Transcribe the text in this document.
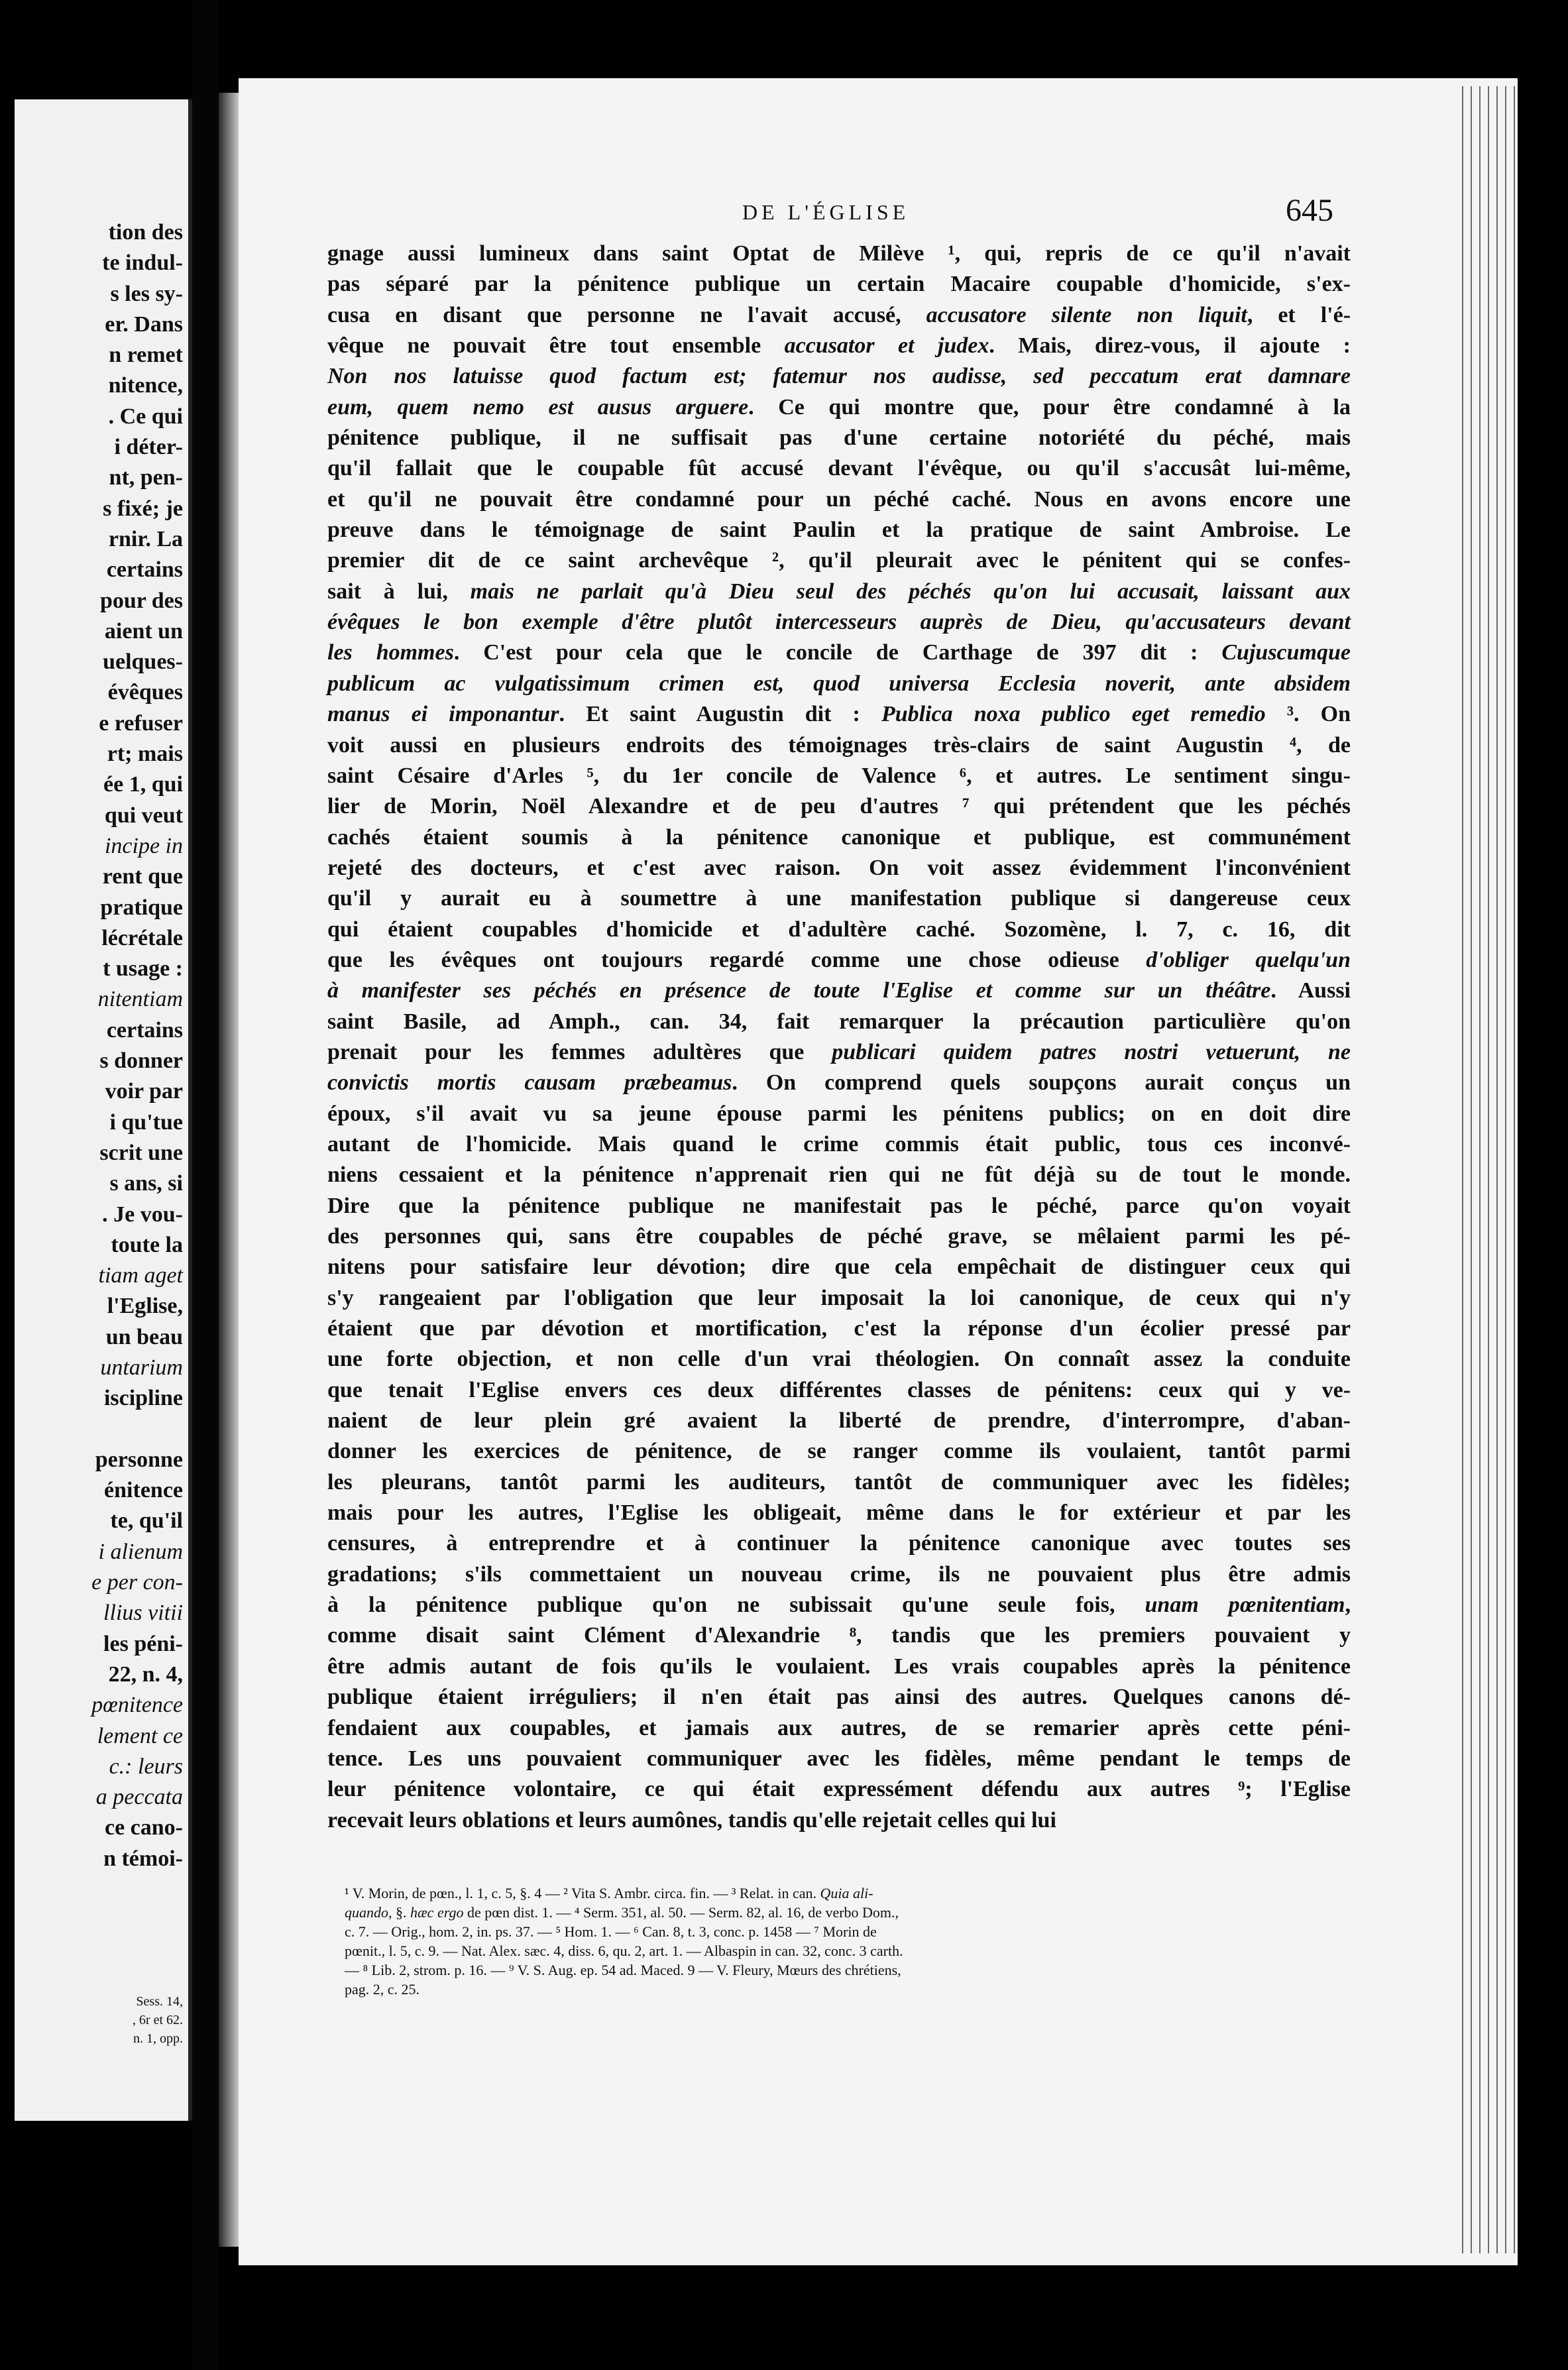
tion des
te indul-
s les sy-
er. Dans
n remet
nitence,
. Ce qui
i déter-
nt, pen-
s fixé; je
rnir. La
certains
pour des
aient un
uelques-
évêques
e refuser
rt; mais
ée 1, qui
qui veut
incipe in
rent que
pratique
lécrétale
t usage :
nitentiam
certains
s donner
voir par
i qu'tue
scrit une
s ans, si
. Je vou-
toute la
tiam aget
l'Eglise,
un beau
untarium
iscipline

personne
énitence
te, qu'il
i alienum
e per con-
llius vitii
les péni-
22, n. 4,
pœnitence
lement ce
c.: leurs
a peccata
ce cano-
n témoi-
Sess. 14,
, 6r et 62.
n. 1, opp.
DE L'ÉGLISE	645
gnage aussi lumineux dans saint Optat de Milève ¹, qui, repris de ce qu'il n'avait
pas séparé par la pénitence publique un certain Macaire coupable d'homicide, s'ex-
cusa en disant que personne ne l'avait accusé, accusatore silente non liquit, et l'é-
vêque ne pouvait être tout ensemble accusator et judex. Mais, direz-vous, il ajoute :
Non nos latuisse quod factum est; fatemur nos audisse, sed peccatum erat damnare
eum, quem nemo est ausus arguere. Ce qui montre que, pour être condamné à la
pénitence publique, il ne suffisait pas d'une certaine notoriété du péché, mais
qu'il fallait que le coupable fût accusé devant l'évêque, ou qu'il s'accusât lui-même,
et qu'il ne pouvait être condamné pour un péché caché. Nous en avons encore une
preuve dans le témoignage de saint Paulin et la pratique de saint Ambroise. Le
premier dit de ce saint archevêque ², qu'il pleurait avec le pénitent qui se confes-
sait à lui, mais ne parlait qu'à Dieu seul des péchés qu'on lui accusait, laissant aux
évêques le bon exemple d'être plutôt intercesseurs auprès de Dieu, qu'accusateurs devant
les hommes. C'est pour cela que le concile de Carthage de 397 dit : Cujuscumque
publicum ac vulgatissimum crimen est, quod universa Ecclesia noverit, ante absidem
manus ei imponantur. Et saint Augustin dit : Publica noxa publico eget remedio ³. On
voit aussi en plusieurs endroits des témoignages très-clairs de saint Augustin ⁴, de
saint Césaire d'Arles ⁵, du 1er concile de Valence ⁶, et autres. Le sentiment singu-
lier de Morin, Noël Alexandre et de peu d'autres ⁷ qui prétendent que les péchés
cachés étaient soumis à la pénitence canonique et publique, est communément
rejeté des docteurs, et c'est avec raison. On voit assez évidemment l'inconvénient
qu'il y aurait eu à soumettre à une manifestation publique si dangereuse ceux
qui étaient coupables d'homicide et d'adultère caché. Sozomène, l. 7, c. 16, dit
que les évêques ont toujours regardé comme une chose odieuse d'obliger quelqu'un
à manifester ses péchés en présence de toute l'Eglise et comme sur un théâtre. Aussi
saint Basile, ad Amph., can. 34, fait remarquer la précaution particulière qu'on
prenait pour les femmes adultères que publicari quidem patres nostri vetuerunt, ne
convictis mortis causam præbeamus. On comprend quels soupçons aurait conçus un
époux, s'il avait vu sa jeune épouse parmi les pénitens publics; on en doit dire
autant de l'homicide. Mais quand le crime commis était public, tous ces inconvé-
niens cessaient et la pénitence n'apprenait rien qui ne fût déjà su de tout le monde.
Dire que la pénitence publique ne manifestait pas le péché, parce qu'on voyait
des personnes qui, sans être coupables de péché grave, se mêlaient parmi les pé-
nitens pour satisfaire leur dévotion; dire que cela empêchait de distinguer ceux qui
s'y rangeaient par l'obligation que leur imposait la loi canonique, de ceux qui n'y
étaient que par dévotion et mortification, c'est la réponse d'un écolier pressé par
une forte objection, et non celle d'un vrai théologien. On connaît assez la conduite
que tenait l'Eglise envers ces deux différentes classes de pénitens: ceux qui y ve-
naient de leur plein gré avaient la liberté de prendre, d'interrompre, d'aban-
donner les exercices de pénitence, de se ranger comme ils voulaient, tantôt parmi
les pleurans, tantôt parmi les auditeurs, tantôt de communiquer avec les fidèles;
mais pour les autres, l'Eglise les obligeait, même dans le for extérieur et par les
censures, à entreprendre et à continuer la pénitence canonique avec toutes ses
gradations; s'ils commettaient un nouveau crime, ils ne pouvaient plus être admis
à la pénitence publique qu'on ne subissait qu'une seule fois, unam pœnitentiam,
comme disait saint Clément d'Alexandrie ⁸, tandis que les premiers pouvaient y
être admis autant de fois qu'ils le voulaient. Les vrais coupables après la pénitence
publique étaient irréguliers; il n'en était pas ainsi des autres. Quelques canons dé-
fendaient aux coupables, et jamais aux autres, de se remarier après cette péni-
tence. Les uns pouvaient communiquer avec les fidèles, même pendant le temps de
leur pénitence volontaire, ce qui était expressément défendu aux autres ⁹; l'Eglise
recevait leurs oblations et leurs aumônes, tandis qu'elle rejetait celles qui lui
¹ V. Morin, de pœn., l. 1, c. 5, §. 4 — ² Vita S. Ambr. circa. fin. — ³ Relat. in can. Quia ali-
quando, §. hæc ergo de pœn dist. 1. — ⁴ Serm. 351, al. 50. — Serm. 82, al. 16, de verbo Dom.,
c. 7. — Orig., hom. 2, in. ps. 37. — ⁵ Hom. 1. — ⁶ Can. 8, t. 3, conc. p. 1458 — ⁷ Morin de
pœnit., l. 5, c. 9. — Nat. Alex. sæc. 4, diss. 6, qu. 2, art. 1. — Albaspin in can. 32, conc. 3 carth.
— ⁸ Lib. 2, strom. p. 16. — ⁹ V. S. Aug. ep. 54 ad. Maced. 9 — V. Fleury, Mœurs des chrétiens,
pag. 2, c. 25.
